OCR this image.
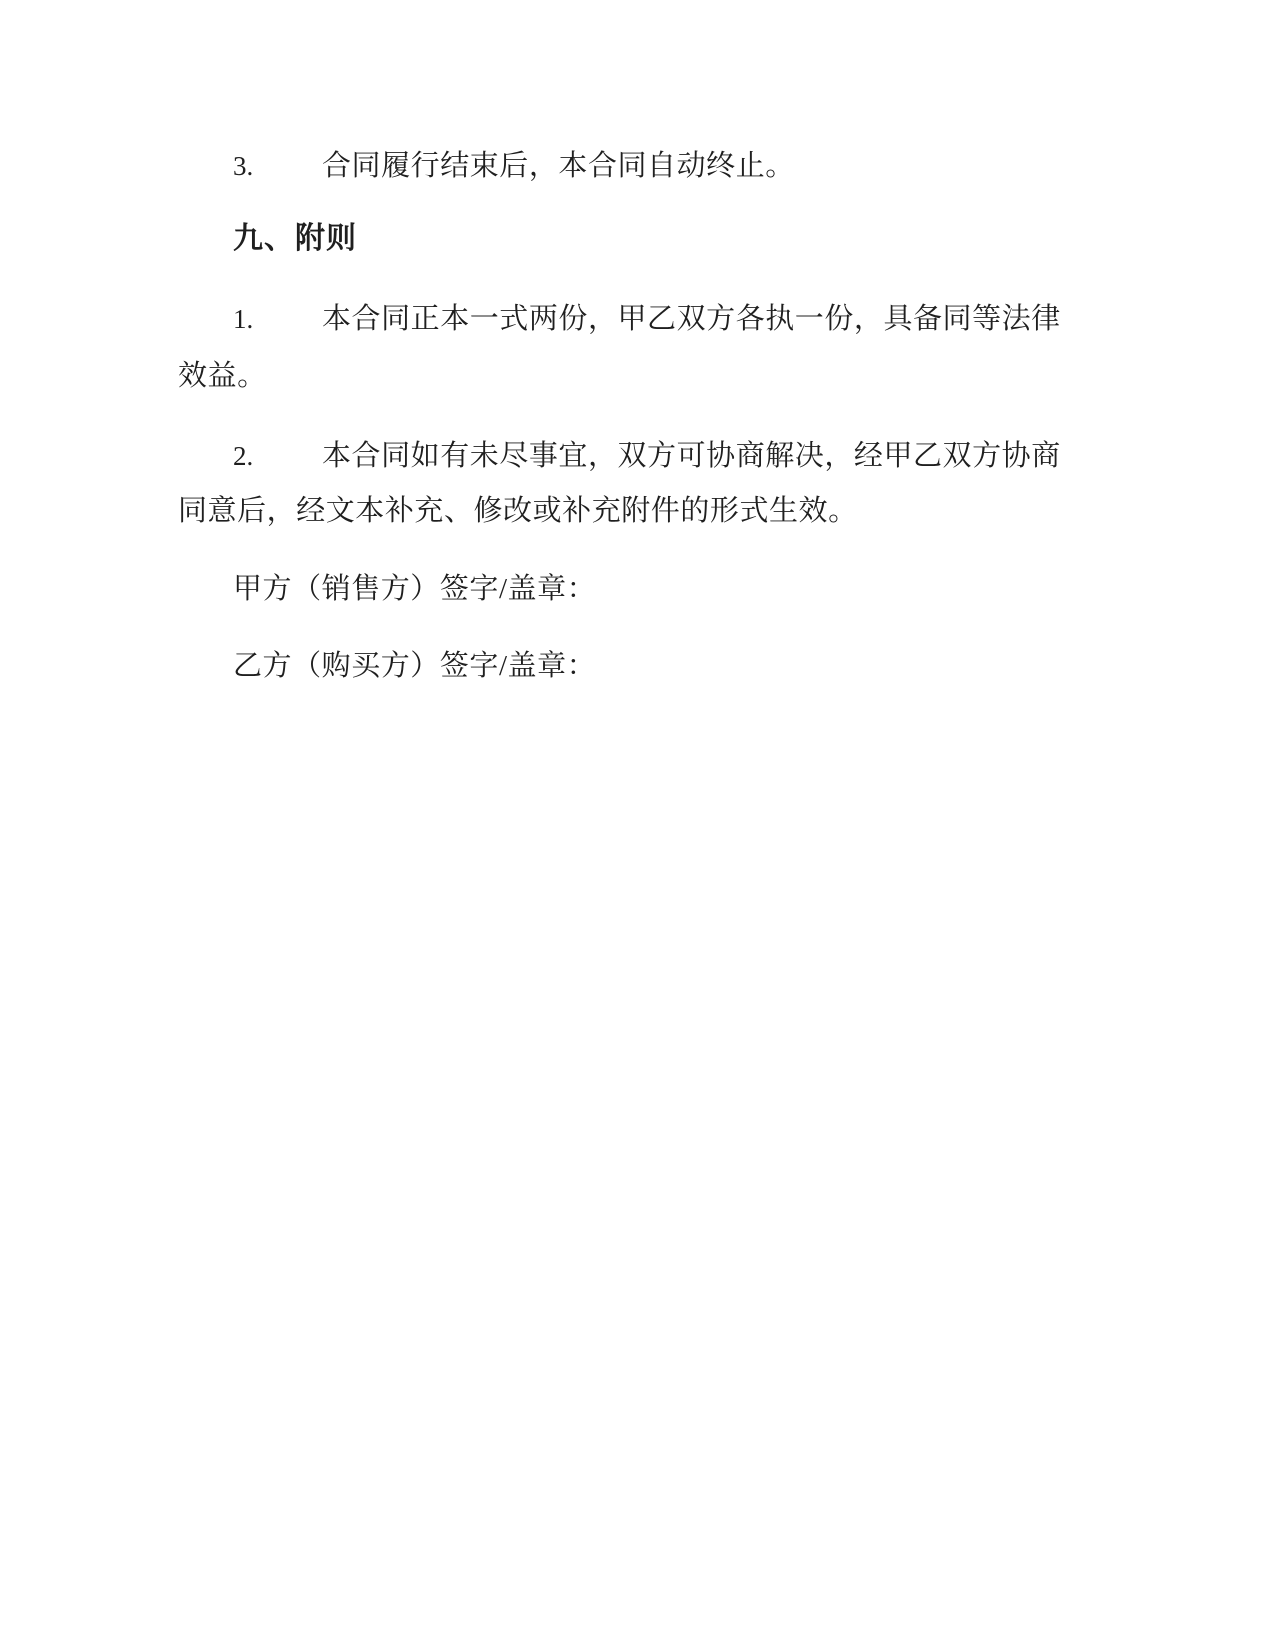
3. 合同履行结束后，本合同自动终止。
九、附则
1. 本合同正本一式两份，甲乙双方各执一份，具备同等法律
效益。
2. 本合同如有未尽事宜，双方可协商解决，经甲乙双方协商
同意后，经文本补充、修改或补充附件的形式生效。
甲方（销售方）签字/盖章：
乙方（购买方）签字/盖章：
